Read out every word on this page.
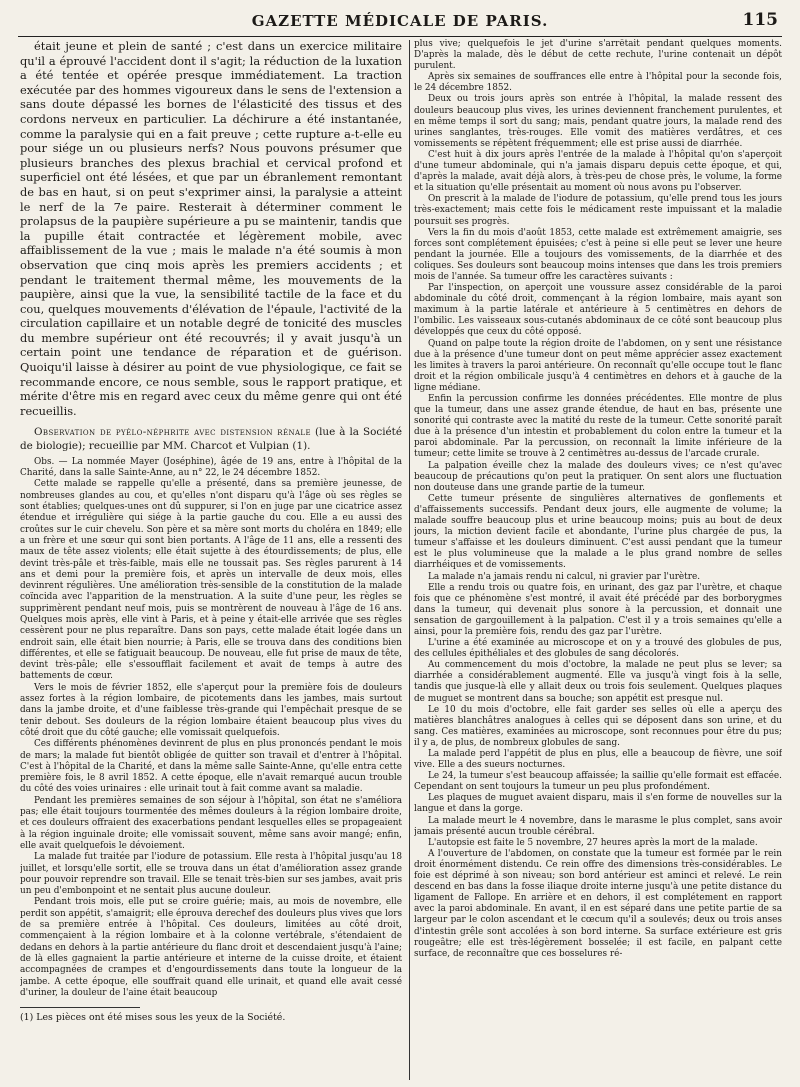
GAZETTE MÉDICALE DE PARIS.	115

était jeune et plein de santé ; c'est dans un exercice militaire qu'il a éprouvé l'accident dont il s'agit; la réduction de la luxation a été tentée et opérée presque immédiatement. La traction exécutée par des hommes vigoureux dans le sens de l'extension a sans doute dépassé les bornes de l'élasticité des tissus et des cordons nerveux en particulier. La déchirure a été instantanée, comme la paralysie qui en a fait preuve ; cette rupture a-t-elle eu pour siége un ou plusieurs nerfs? Nous pouvons présumer que plusieurs branches des plexus brachial et cervical profond et superficiel ont été lésées, et que par un ébranlement remontant de bas en haut, si on peut s'exprimer ainsi, la paralysie a atteint le nerf de la 7e paire. Resterait à déterminer comment le prolapsus de la paupière supérieure a pu se maintenir, tandis que la pupille était contractée et légèrement mobile, avec affaiblissement de la vue ; mais le malade n'a été soumis à mon observation que cinq mois après les premiers accidents ; et pendant le traitement thermal même, les mouvements de la paupière, ainsi que la vue, la sensibilité tactile de la face et du cou, quelques mouvements d'élévation de l'épaule, l'activité de la circulation capillaire et un notable degré de tonicité des muscles du membre supérieur ont été recouvrés; il y avait jusqu'à un certain point une tendance de réparation et de guérison. Quoiqu'il laisse à désirer au point de vue physiologique, ce fait se recommande encore, ce nous semble, sous le rapport pratique, et mérite d'être mis en regard avec ceux du même genre qui ont été recueillis.

Observation de pyélo-néphrite avec distension rénale (lue à la Société de biologie); recueillie par MM. Charcot et Vulpian (1).

Obs. — La nommée Mayer (Joséphine), âgée de 19 ans, entre à l'hôpital de la Charité, dans la salle Sainte-Anne, au n° 22, le 24 décembre 1852.

Cette malade se rappelle qu'elle a présenté, dans sa première jeunesse, de nombreuses glandes au cou, et qu'elles n'ont disparu qu'à l'âge où ses règles se sont établies; quelques-unes ont dû suppurer, si l'on en juge par une cicatrice assez étendue et irrégulière qui siége à la partie gauche du cou. Elle a eu aussi des croûtes sur le cuir chevelu. Son père et sa mère sont morts du choléra en 1849; elle a un frère et une sœur qui sont bien portants. A l'âge de 11 ans, elle a ressenti des maux de tête assez violents; elle était sujette à des étourdissements; de plus, elle devint très-pâle et très-faible, mais elle ne toussait pas. Ses règles parurent à 14 ans et demi pour la première fois, et après un intervalle de deux mois, elles devinrent régulières. Une amélioration très-sensible de la constitution de la malade coïncida avec l'apparition de la menstruation. A la suite d'une peur, les règles se supprimèrent pendant neuf mois, puis se montrèrent de nouveau à l'âge de 16 ans. Quelques mois après, elle vint à Paris, et à peine y était-elle arrivée que ses règles cessèrent pour ne plus reparaître. Dans son pays, cette malade était logée dans un endroit sain, elle était bien nourrie; à Paris, elle se trouva dans des conditions bien différentes, et elle se fatiguait beaucoup. De nouveau, elle fut prise de maux de tête, devint très-pâle; elle s'essoufflait facilement et avait de temps à autre des battements de cœur.

Vers le mois de février 1852, elle s'aperçut pour la première fois de douleurs assez fortes à la région lombaire, de picotements dans les jambes, mais surtout dans la jambe droite, et d'une faiblesse très-grande qui l'empêchait presque de se tenir debout. Ses douleurs de la région lombaire étaient beaucoup plus vives du côté droit que du côté gauche; elle vomissait quelquefois.

Ces différents phénomènes devinrent de plus en plus prononcés pendant le mois de mars; la malade fut bientôt obligée de quitter son travail et d'entrer à l'hôpital. C'est à l'hôpital de la Charité, et dans la même salle Sainte-Anne, qu'elle entra cette première fois, le 8 avril 1852. A cette époque, elle n'avait remarqué aucun trouble du côté des voies urinaires : elle urinait tout à fait comme avant sa maladie.

Pendant les premières semaines de son séjour à l'hôpital, son état ne s'améliora pas; elle était toujours tourmentée des mêmes douleurs à la région lombaire droite, et ces douleurs offraient des exacerbations pendant lesquelles elles se propageaient à la région inguinale droite; elle vomissait souvent, même sans avoir mangé; enfin, elle avait quelquefois le dévoiement.

La malade fut traitée par l'iodure de potassium. Elle resta à l'hôpital jusqu'au 18 juillet, et lorsqu'elle sortit, elle se trouva dans un état d'amélioration assez grande pour pouvoir reprendre son travail. Elle se tenait très-bien sur ses jambes, avait pris un peu d'embonpoint et ne sentait plus aucune douleur.

Pendant trois mois, elle put se croire guérie; mais, au mois de novembre, elle perdit son appétit, s'amaigrit; elle éprouva derechef des douleurs plus vives que lors de sa première entrée à l'hôpital. Ces douleurs, limitées au côté droit, commençaient à la région lombaire et à la colonne vertébrale, s'étendaient de dedans en dehors à la partie antérieure du flanc droit et descendaient jusqu'à l'aine; de là elles gagnaient la partie antérieure et interne de la cuisse droite, et étaient accompagnées de crampes et d'engourdissements dans toute la longueur de la jambe. A cette époque, elle souffrait quand elle urinait, et quand elle avait cessé d'uriner, la douleur de l'aine était beaucoup

(1) Les pièces ont été mises sous les yeux de la Société.

plus vive; quelquefois le jet d'urine s'arrêtait pendant quelques moments. D'après la malade, dès le début de cette rechute, l'urine contenait un dépôt purulent.

Après six semaines de souffrances elle entre à l'hôpital pour la seconde fois, le 24 décembre 1852.

Deux ou trois jours après son entrée à l'hôpital, la malade ressent des douleurs beaucoup plus vives, les urines deviennent franchement purulentes, et en même temps il sort du sang; mais, pendant quatre jours, la malade rend des urines sanglantes, très-rouges. Elle vomit des matières verdâtres, et ces vomissements se répètent fréquemment; elle est prise aussi de diarrhée.

C'est huit à dix jours après l'entrée de la malade à l'hôpital qu'on s'aperçoit d'une tumeur abdominale, qui n'a jamais disparu depuis cette époque, et qui, d'après la malade, avait déjà alors, à très-peu de chose près, le volume, la forme et la situation qu'elle présentait au moment où nous avons pu l'observer.

On prescrit à la malade de l'iodure de potassium, qu'elle prend tous les jours très-exactement; mais cette fois le médicament reste impuissant et la maladie poursuit ses progrès.

Vers la fin du mois d'août 1853, cette malade est extrêmement amaigrie, ses forces sont complétement épuisées; c'est à peine si elle peut se lever une heure pendant la journée. Elle a toujours des vomissements, de la diarrhée et des coliques. Ses douleurs sont beaucoup moins intenses que dans les trois premiers mois de l'année. Sa tumeur offre les caractères suivants :

Par l'inspection, on aperçoit une voussure assez considérable de la paroi abdominale du côté droit, commençant à la région lombaire, mais ayant son maximum à la partie latérale et antérieure à 5 centimètres en dehors de l'ombilic. Les vaisseaux sous-cutanés abdominaux de ce côté sont beaucoup plus développés que ceux du côté opposé.

Quand on palpe toute la région droite de l'abdomen, on y sent une résistance due à la présence d'une tumeur dont on peut même apprécier assez exactement les limites à travers la paroi antérieure. On reconnaît qu'elle occupe tout le flanc droit et la région ombilicale jusqu'à 4 centimètres en dehors et à gauche de la ligne médiane.

Enfin la percussion confirme les données précédentes. Elle montre de plus que la tumeur, dans une assez grande étendue, de haut en bas, présente une sonorité qui contraste avec la matité du reste de la tumeur. Cette sonorité paraît due à la présence d'un intestin et probablement du colon entre la tumeur et la paroi abdominale. Par la percussion, on reconnaît la limite inférieure de la tumeur; cette limite se trouve à 2 centimètres au-dessus de l'arcade crurale.

La palpation éveille chez la malade des douleurs vives; ce n'est qu'avec beaucoup de précautions qu'on peut la pratiquer. On sent alors une fluctuation non douteuse dans une grande partie de la tumeur.

Cette tumeur présente de singulières alternatives de gonflements et d'affaissements successifs. Pendant deux jours, elle augmente de volume; la malade souffre beaucoup plus et urine beaucoup moins; puis au bout de deux jours, la miction devient facile et abondante, l'urine plus chargée de pus, la tumeur s'affaisse et les douleurs diminuent. C'est aussi pendant que la tumeur est le plus volumineuse que la malade a le plus grand nombre de selles diarrhéiques et de vomissements.

La malade n'a jamais rendu ni calcul, ni gravier par l'urètre.

Elle a rendu trois ou quatre fois, en urinant, des gaz par l'urètre, et chaque fois que ce phénomène s'est montré, il avait été précédé par des borborygmes dans la tumeur, qui devenait plus sonore à la percussion, et donnait une sensation de gargouillement à la palpation. C'est il y a trois semaines qu'elle a ainsi, pour la première fois, rendu des gaz par l'urètre.

L'urine a été examinée au microscope et on y a trouvé des globules de pus, des cellules épithéliales et des globules de sang décolorés.

Au commencement du mois d'octobre, la malade ne peut plus se lever; sa diarrhée a considérablement augmenté. Elle va jusqu'à vingt fois à la selle, tandis que jusque-là elle y allait deux ou trois fois seulement. Quelques plaques de muguet se montrent dans sa bouche; son appétit est presque nul.

Le 10 du mois d'octobre, elle fait garder ses selles où elle a aperçu des matières blanchâtres analogues à celles qui se déposent dans son urine, et du sang. Ces matières, examinées au microscope, sont reconnues pour être du pus; il y a, de plus, de nombreux globules de sang.

La malade perd l'appétit de plus en plus, elle a beaucoup de fièvre, une soif vive. Elle a des sueurs nocturnes.

Le 24, la tumeur s'est beaucoup affaissée; la saillie qu'elle formait est effacée. Cependant on sent toujours la tumeur un peu plus profondément.

Les plaques de muguet avaient disparu, mais il s'en forme de nouvelles sur la langue et dans la gorge.

La malade meurt le 4 novembre, dans le marasme le plus complet, sans avoir jamais présenté aucun trouble cérébral.

L'autopsie est faite le 5 novembre, 27 heures après la mort de la malade.

A l'ouverture de l'abdomen, on constate que la tumeur est formée par le rein droit énormément distendu. Ce rein offre des dimensions très-considérables. Le foie est déprimé à son niveau; son bord antérieur est aminci et relevé. Le rein descend en bas dans la fosse iliaque droite interne jusqu'à une petite distance du ligament de Fallope. En arrière et en dehors, il est complétement en rapport avec la paroi abdominale. En avant, il en est séparé dans une petite partie de sa largeur par le colon ascendant et le cœcum qu'il a soulevés; deux ou trois anses d'intestin grêle sont accolées à son bord interne. Sa surface extérieure est gris rougeâtre; elle est très-légèrement bosselée; il est facile, en palpant cette surface, de reconnaître que ces bosselures ré-
